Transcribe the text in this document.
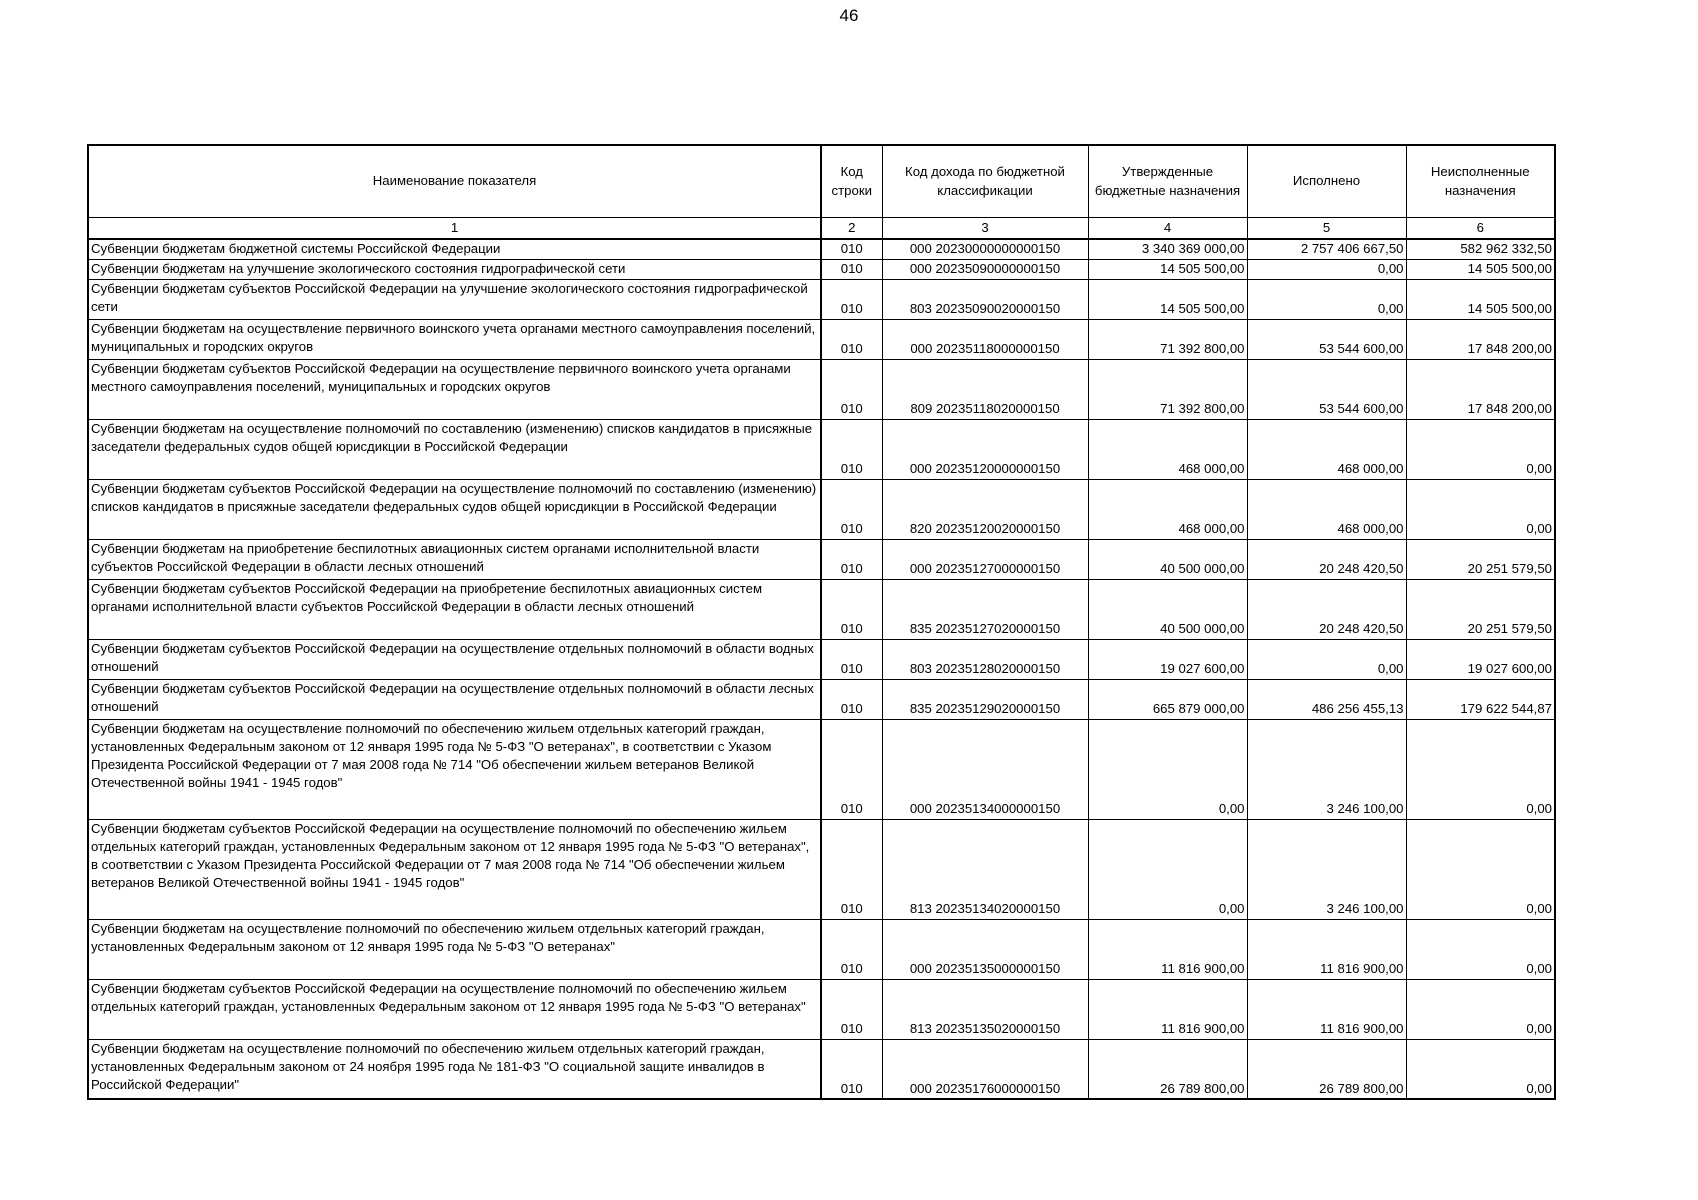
46
Наименование показателя	Код строки	Код дохода по бюджетной классификации	Утвержденные бюджетные назначения	Исполнено	Неисполненные назначения
1	2	3	4	5	6
Субвенции бюджетам бюджетной системы Российской Федерации	010	000 20230000000000150	3 340 369 000,00	2 757 406 667,50	582 962 332,50
Субвенции бюджетам на улучшение экологического состояния гидрографической сети	010	000 20235090000000150	14 505 500,00	0,00	14 505 500,00
Субвенции бюджетам субъектов Российской Федерации на улучшение экологического состояния гидрографической сети	010	803 20235090020000150	14 505 500,00	0,00	14 505 500,00
Субвенции бюджетам на осуществление первичного воинского учета органами местного самоуправления поселений, муниципальных и городских округов	010	000 20235118000000150	71 392 800,00	53 544 600,00	17 848 200,00
Субвенции бюджетам субъектов Российской Федерации на осуществление первичного воинского учета органами местного самоуправления поселений, муниципальных и городских округов	010	809 20235118020000150	71 392 800,00	53 544 600,00	17 848 200,00
Субвенции бюджетам на осуществление полномочий по составлению (изменению) списков кандидатов в присяжные заседатели федеральных судов общей юрисдикции в Российской Федерации	010	000 20235120000000150	468 000,00	468 000,00	0,00
Субвенции бюджетам субъектов Российской Федерации на осуществление полномочий по составлению (изменению) списков кандидатов в присяжные заседатели федеральных судов общей юрисдикции в Российской Федерации	010	820 20235120020000150	468 000,00	468 000,00	0,00
Субвенции бюджетам на приобретение беспилотных авиационных систем органами исполнительной власти субъектов Российской Федерации в области лесных отношений	010	000 20235127000000150	40 500 000,00	20 248 420,50	20 251 579,50
Субвенции бюджетам субъектов Российской Федерации на приобретение беспилотных авиационных систем органами исполнительной власти субъектов Российской Федерации в области лесных отношений	010	835 20235127020000150	40 500 000,00	20 248 420,50	20 251 579,50
Субвенции бюджетам субъектов Российской Федерации на осуществление отдельных полномочий в области водных отношений	010	803 20235128020000150	19 027 600,00	0,00	19 027 600,00
Субвенции бюджетам субъектов Российской Федерации на осуществление отдельных полномочий в области лесных отношений	010	835 20235129020000150	665 879 000,00	486 256 455,13	179 622 544,87
Субвенции бюджетам на осуществление полномочий по обеспечению жильем отдельных категорий граждан, установленных Федеральным законом от 12 января 1995 года № 5-ФЗ "О ветеранах", в соответствии с Указом Президента Российской Федерации от 7 мая 2008 года № 714 "Об обеспечении жильем ветеранов Великой Отечественной войны 1941 - 1945 годов"	010	000 20235134000000150	0,00	3 246 100,00	0,00
Субвенции бюджетам субъектов Российской Федерации на осуществление полномочий по обеспечению жильем отдельных категорий граждан, установленных Федеральным законом от 12 января 1995 года № 5-ФЗ "О ветеранах", в соответствии с Указом Президента Российской Федерации от 7 мая 2008 года № 714 "Об обеспечении жильем ветеранов Великой Отечественной войны 1941 - 1945 годов"	010	813 20235134020000150	0,00	3 246 100,00	0,00
Субвенции бюджетам на осуществление полномочий по обеспечению жильем отдельных категорий граждан, установленных Федеральным законом от 12 января 1995 года № 5-ФЗ "О ветеранах"	010	000 20235135000000150	11 816 900,00	11 816 900,00	0,00
Субвенции бюджетам субъектов Российской Федерации на осуществление полномочий по обеспечению жильем отдельных категорий граждан, установленных Федеральным законом от 12 января 1995 года № 5-ФЗ "О ветеранах"	010	813 20235135020000150	11 816 900,00	11 816 900,00	0,00
Субвенции бюджетам на осуществление полномочий по обеспечению жильем отдельных категорий граждан, установленных Федеральным законом от 24 ноября 1995 года № 181-ФЗ "О социальной защите инвалидов в Российской Федерации"	010	000 20235176000000150	26 789 800,00	26 789 800,00	0,00
